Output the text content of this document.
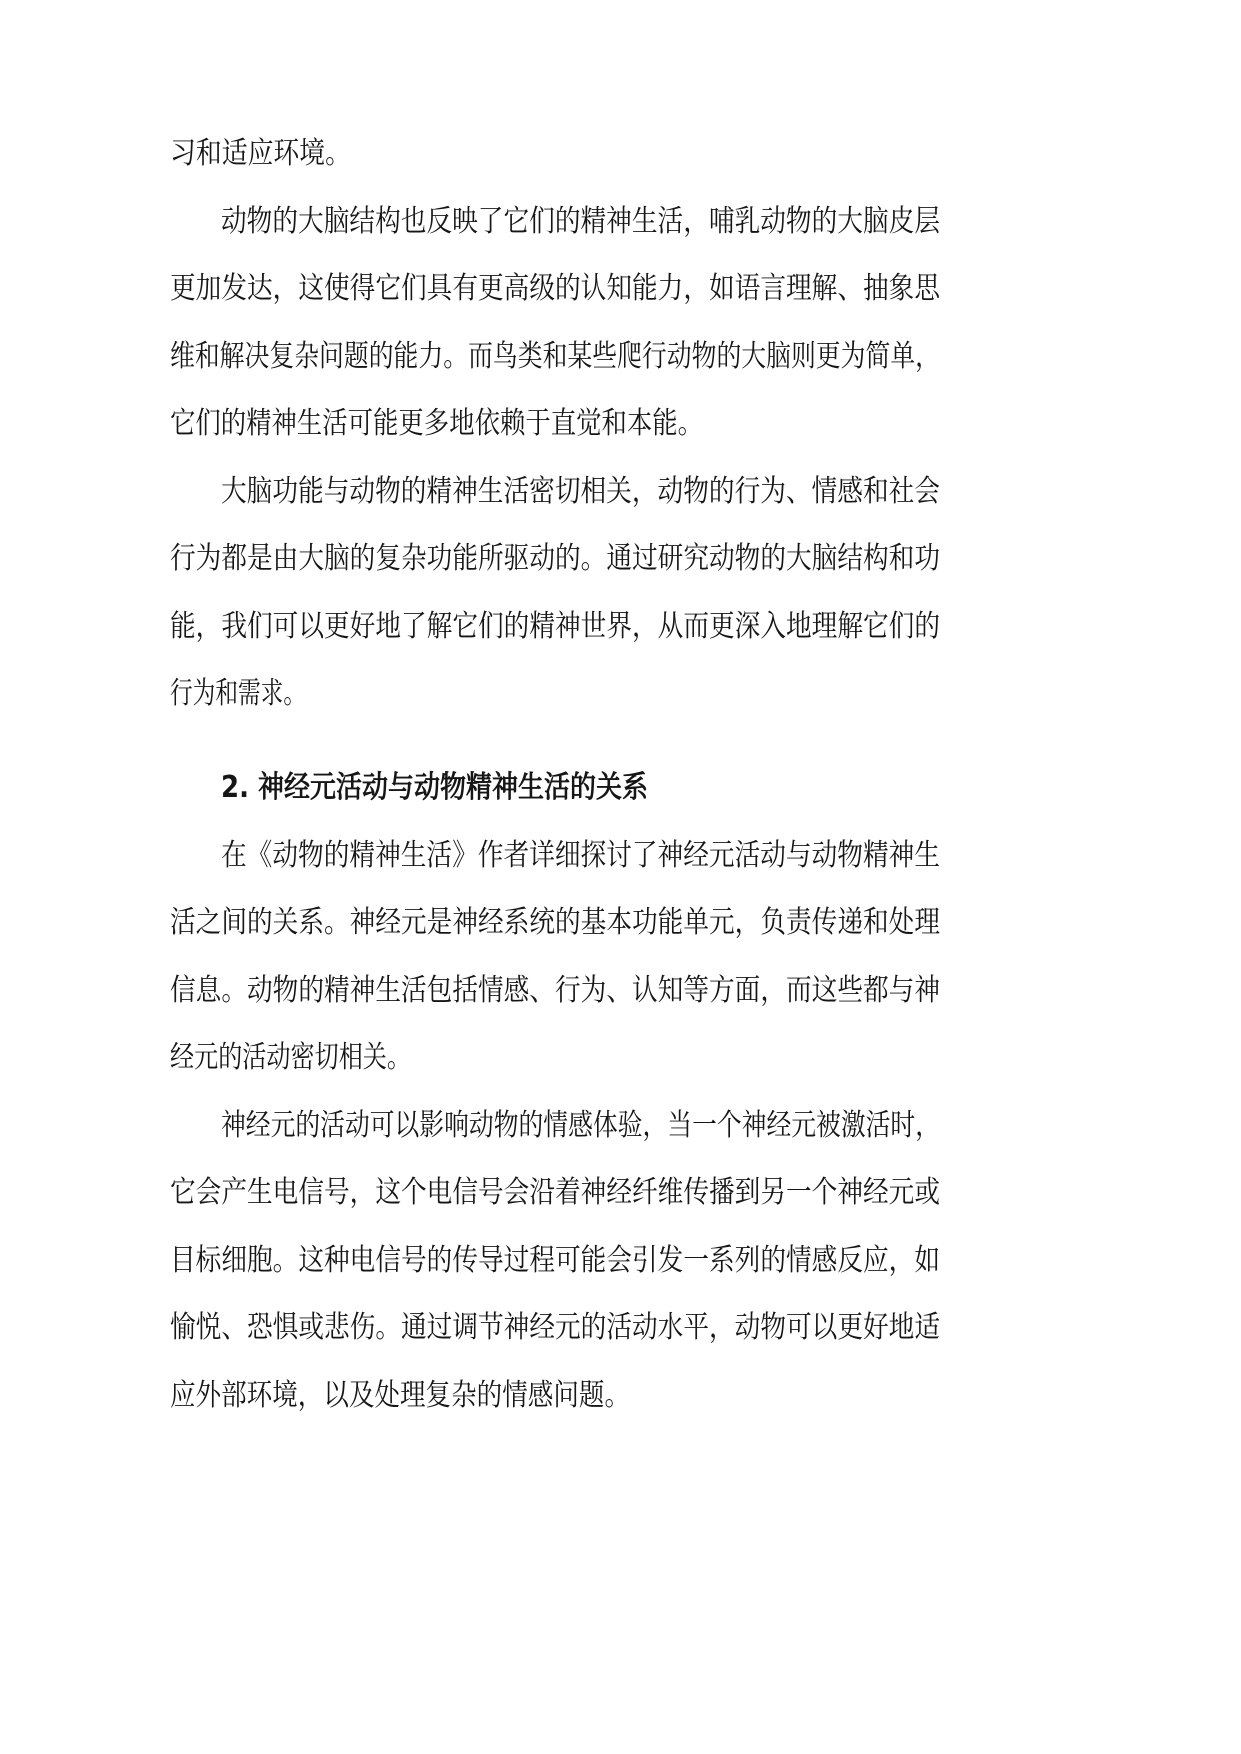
习和适应环境。
动物的大脑结构也反映了它们的精神生活，哺乳动物的大脑皮层
更加发达，这使得它们具有更高级的认知能力，如语言理解、抽象思
维和解决复杂问题的能力。而鸟类和某些爬行动物的大脑则更为简单，
它们的精神生活可能更多地依赖于直觉和本能。
大脑功能与动物的精神生活密切相关，动物的行为、情感和社会
行为都是由大脑的复杂功能所驱动的。通过研究动物的大脑结构和功
能，我们可以更好地了解它们的精神世界，从而更深入地理解它们的
行为和需求。
2. 神经元活动与动物精神生活的关系
在《动物的精神生活》作者详细探讨了神经元活动与动物精神生
活之间的关系。神经元是神经系统的基本功能单元，负责传递和处理
信息。动物的精神生活包括情感、行为、认知等方面，而这些都与神
经元的活动密切相关。
神经元的活动可以影响动物的情感体验，当一个神经元被激活时，
它会产生电信号，这个电信号会沿着神经纤维传播到另一个神经元或
目标细胞。这种电信号的传导过程可能会引发一系列的情感反应，如
愉悦、恐惧或悲伤。通过调节神经元的活动水平，动物可以更好地适
应外部环境，以及处理复杂的情感问题。
